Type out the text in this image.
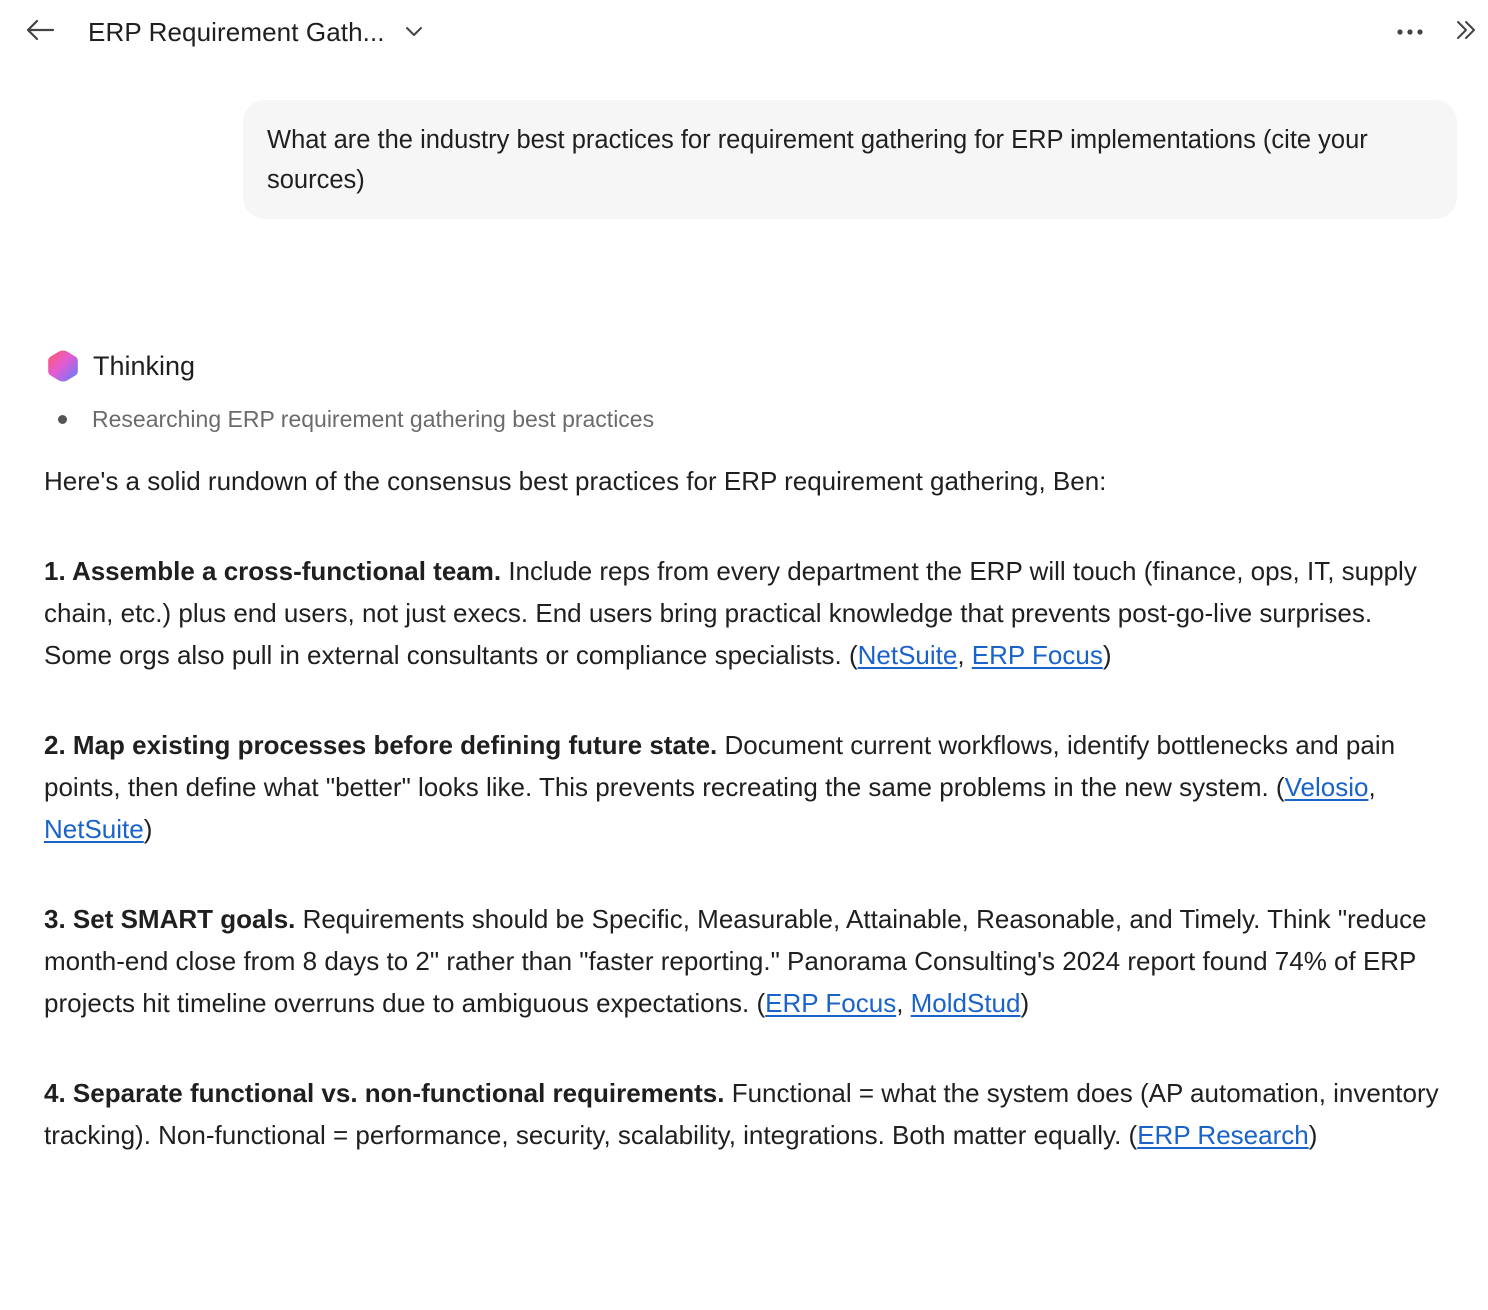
ERP Requirement Gath...
What are the industry best practices for requirement gathering for ERP implementations (cite your sources)
Thinking
Researching ERP requirement gathering best practices

Here's a solid rundown of the consensus best practices for ERP requirement gathering, Ben:

1. Assemble a cross-functional team. Include reps from every department the ERP will touch (finance, ops, IT, supply chain, etc.) plus end users, not just execs. End users bring practical knowledge that prevents post-go-live surprises. Some orgs also pull in external consultants or compliance specialists. (NetSuite, ERP Focus)

2. Map existing processes before defining future state. Document current workflows, identify bottlenecks and pain points, then define what "better" looks like. This prevents recreating the same problems in the new system. (Velosio, NetSuite)

3. Set SMART goals. Requirements should be Specific, Measurable, Attainable, Reasonable, and Timely. Think "reduce month-end close from 8 days to 2" rather than "faster reporting." Panorama Consulting's 2024 report found 74% of ERP projects hit timeline overruns due to ambiguous expectations. (ERP Focus, MoldStud)

4. Separate functional vs. non-functional requirements. Functional = what the system does (AP automation, inventory tracking). Non-functional = performance, security, scalability, integrations. Both matter equally. (ERP Research)
